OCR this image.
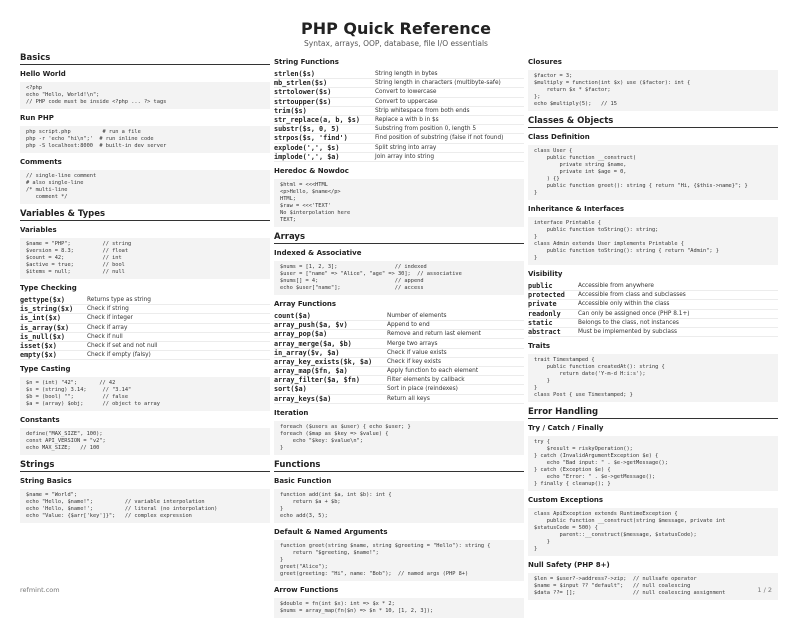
PHP Quick Reference
Syntax, arrays, OOP, database, file I/O essentials
Basics
Hello World
<?php
echo "Hello, World!\n";
// PHP code must be inside <?php ... ?> tags
Run PHP
php script.php          # run a file
php -r 'echo "hi\n";'  # run inline code
php -S localhost:8000  # built-in dev server
Comments
// single-line comment
# also single-line
/* multi-line
comment */
Variables & Types
Variables
$name = "PHP";          // string
$version = 8.3;         // float
$count = 42;            // int
$active = true;         // bool
$items = null;          // null
Type Checking
gettype($x)	Returns type as string
is_string($x)	Check if string
is_int($x)	Check if integer
is_array($x)	Check if array
is_null($x)	Check if null
isset($x)	Check if set and not null
empty($x)	Check if empty (falsy)
Type Casting
$n = (int) "42";       // 42
$s = (string) 3.14;     // "3.14"
$b = (bool) "";         // false
$a = (array) $obj;      // object to array
Constants
define("MAX_SIZE", 100);
const API_VERSION = "v2";
echo MAX_SIZE;   // 100
Strings
String Basics
$name = "World";
echo "Hello, $name!";          // variable interpolation
echo 'Hello, $name!';          // literal (no interpolation)
echo "Value: {$arr['key']}";   // complex expression
String Functions
strlen($s)	String length in bytes
mb_strlen($s)	String length in characters (multibyte-safe)
strtolower($s)	Convert to lowercase
strtoupper($s)	Convert to uppercase
trim($s)	Strip whitespace from both ends
str_replace(a, b, $s)	Replace a with b in $s
substr($s, 0, 5)	Substring from position 0, length 5
strpos($s, 'find')	Find position of substring (false if not found)
explode(',', $s)	Split string into array
implode(',', $a)	Join array into string
Heredoc & Nowdoc
$html = <<<HTML
<p>Hello, $name</p>
HTML;
$raw = <<<'TEXT'
No $interpolation here
TEXT;
Arrays
Indexed & Associative
$nums = [1, 2, 3];                  // indexed
$user = ["name" => "Alice", "age" => 30];  // associative
$nums[] = 4;                        // append
echo $user["name"];                 // access
Array Functions
count($a)	Number of elements
array_push($a, $v)	Append to end
array_pop($a)	Remove and return last element
array_merge($a, $b)	Merge two arrays
in_array($v, $a)	Check if value exists
array_key_exists($k, $a)	Check if key exists
array_map($fn, $a)	Apply function to each element
array_filter($a, $fn)	Filter elements by callback
sort($a)	Sort in place (reindexes)
array_keys($a)	Return all keys
Iteration
foreach ($users as $user) { echo $user; }
foreach ($map as $key => $value) {
echo "$key: $value\n";
}
Functions
Basic Function
function add(int $a, int $b): int {
return $a + $b;
}
echo add(3, 5);
Default & Named Arguments
function greet(string $name, string $greeting = "Hello"): string {
return "$greeting, $name!";
}
greet("Alice");
greet(greeting: "Hi", name: "Bob");  // named args (PHP 8+)
Arrow Functions
$double = fn(int $x): int => $x * 2;
$nums = array_map(fn($n) => $n * 10, [1, 2, 3]);
Closures
$factor = 3;
$multiply = function(int $x) use ($factor): int {
return $x * $factor;
};
echo $multiply(5);   // 15
Classes & Objects
Class Definition
class User {
public function __construct(
private string $name,
private int $age = 0,
) {}
public function greet(): string { return "Hi, {$this->name}"; }
}
Inheritance & Interfaces
interface Printable {
public function toString(): string;
}
class Admin extends User implements Printable {
public function toString(): string { return "Admin"; }
}
Visibility
public	Accessible from anywhere
protected	Accessible from class and subclasses
private	Accessible only within the class
readonly	Can only be assigned once (PHP 8.1+)
static	Belongs to the class, not instances
abstract	Must be implemented by subclass
Traits
trait Timestamped {
public function createdAt(): string {
return date('Y-m-d H:i:s');
}
}
class Post { use Timestamped; }
Error Handling
Try / Catch / Finally
try {
$result = riskyOperation();
} catch (InvalidArgumentException $e) {
echo "Bad input: " . $e->getMessage();
} catch (Exception $e) {
echo "Error: " . $e->getMessage();
} finally { cleanup(); }
Custom Exceptions
class ApiException extends RuntimeException {
public function __construct(string $message, private int
$statusCode = 500) {
parent::__construct($message, $statusCode);
}
}
Null Safety (PHP 8+)
$len = $user?->address?->zip;  // nullsafe operator
$name = $input ?? "default";   // null coalescing
$data ??= [];                  // null coalescing assignment
refmint.com	1 / 2
